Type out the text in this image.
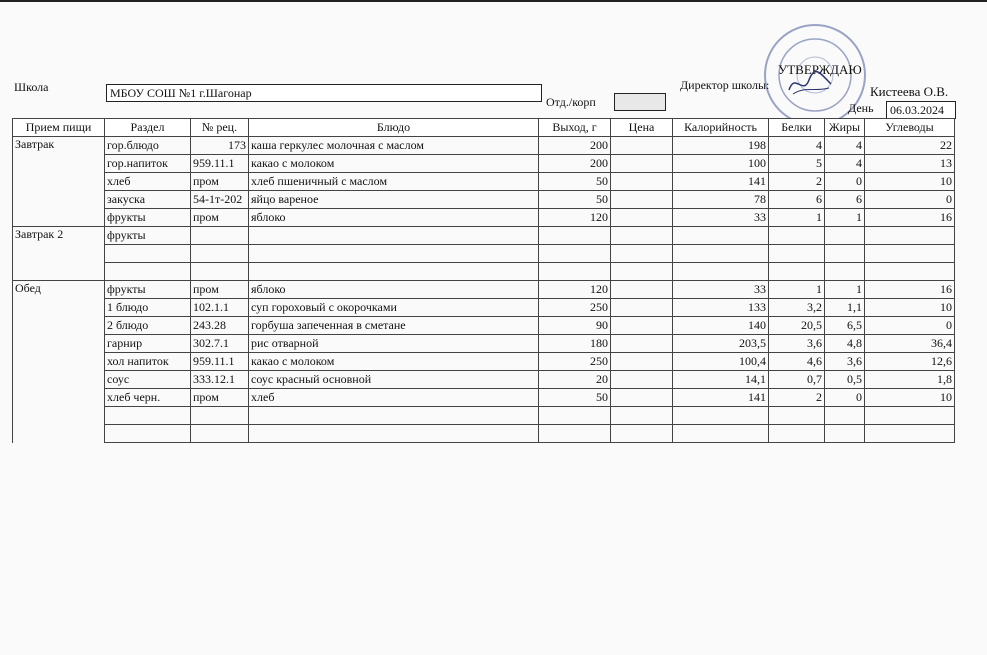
УТВЕРЖДАЮ
Школа	МБОУ СОШ №1 г.Шагонар
Директор школы:	Кистеева О.В.
Отд./корп	День	06.03.2024
Прием пищи	Раздел	№ рец.	Блюдо	Выход, г	Цена	Калорийность	Белки	Жиры	Углеводы
Завтрак	гор.блюдо	173	каша геркулес молочная с маслом	200		198	4	4	22
	гор.напиток	959.11.1	какао с молоком	200		100	5	4	13
	хлеб	пром	хлеб пшеничный с маслом	50		141	2	0	10
	закуска	54-1т-202	яйцо вареное	50		78	6	6	0
	фрукты	пром	яблоко	120		33	1	1	16
Завтрак 2	фрукты								

Обед	фрукты	пром	яблоко	120		33	1	1	16
	1 блюдо	102.1.1	суп гороховый с окорочками	250		133	3,2	1,1	10
	2 блюдо	243.28	горбуша запеченная в сметане	90		140	20,5	6,5	0
	гарнир	302.7.1	рис отварной	180		203,5	3,6	4,8	36,4
	хол напиток	959.11.1	какао с молоком	250		100,4	4,6	3,6	12,6
	соус	333.12.1	соус красный основной	20		14,1	0,7	0,5	1,8
	хлеб черн.	пром	хлеб	50		141	2	0	10
